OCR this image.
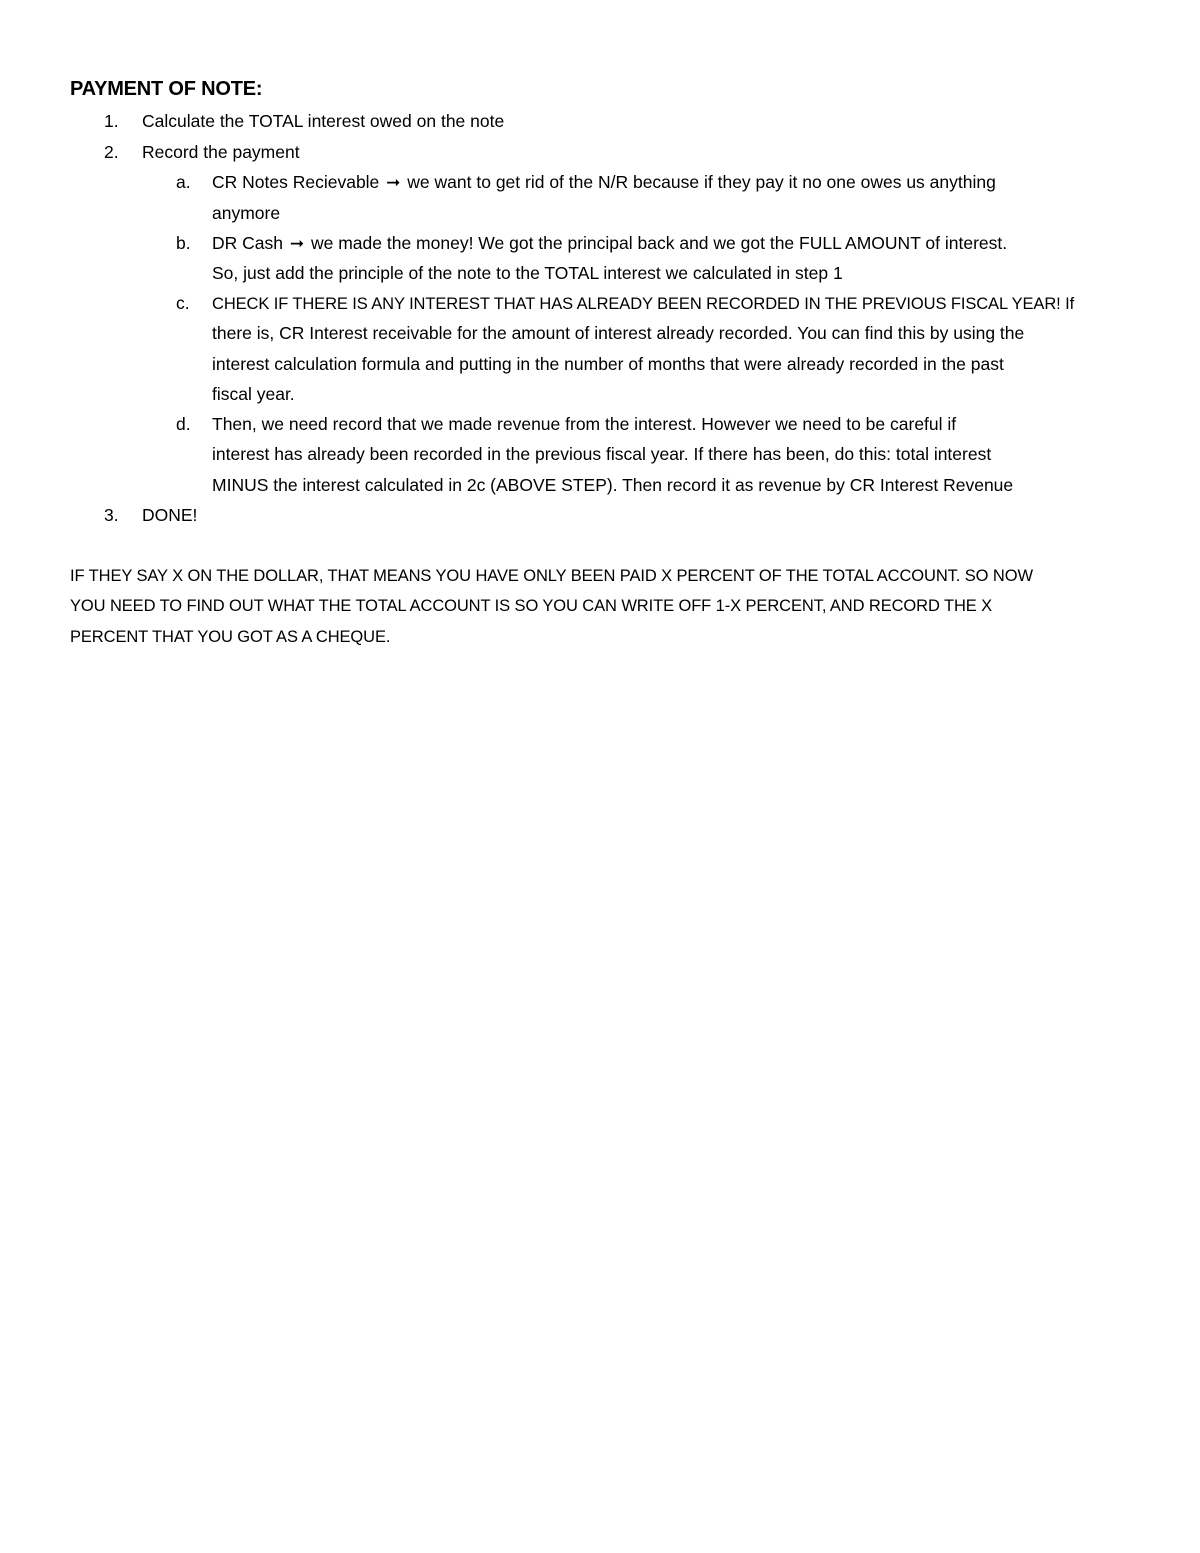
PAYMENT OF NOTE:
1. Calculate the TOTAL interest owed on the note
2. Record the payment
a. CR Notes Recievable ➞ we want to get rid of the N/R because if they pay it no one owes us anything
anymore
b. DR Cash ➞ we made the money! We got the principal back and we got the FULL AMOUNT of interest.
So, just add the principle of the note to the TOTAL interest we calculated in step 1
c. CHECK IF THERE IS ANY INTEREST THAT HAS ALREADY BEEN RECORDED IN THE PREVIOUS FISCAL YEAR! If
there is, CR Interest receivable for the amount of interest already recorded. You can find this by using the
interest calculation formula and putting in the number of months that were already recorded in the past
fiscal year.
d. Then, we need record that we made revenue from the interest. However we need to be careful if
interest has already been recorded in the previous fiscal year. If there has been, do this: total interest
MINUS the interest calculated in 2c (ABOVE STEP). Then record it as revenue by CR Interest Revenue
3. DONE!
IF THEY SAY X ON THE DOLLAR, THAT MEANS YOU HAVE ONLY BEEN PAID X PERCENT OF THE TOTAL ACCOUNT. SO NOW
YOU NEED TO FIND OUT WHAT THE TOTAL ACCOUNT IS SO YOU CAN WRITE OFF 1-X PERCENT, AND RECORD THE X
PERCENT THAT YOU GOT AS A CHEQUE.
